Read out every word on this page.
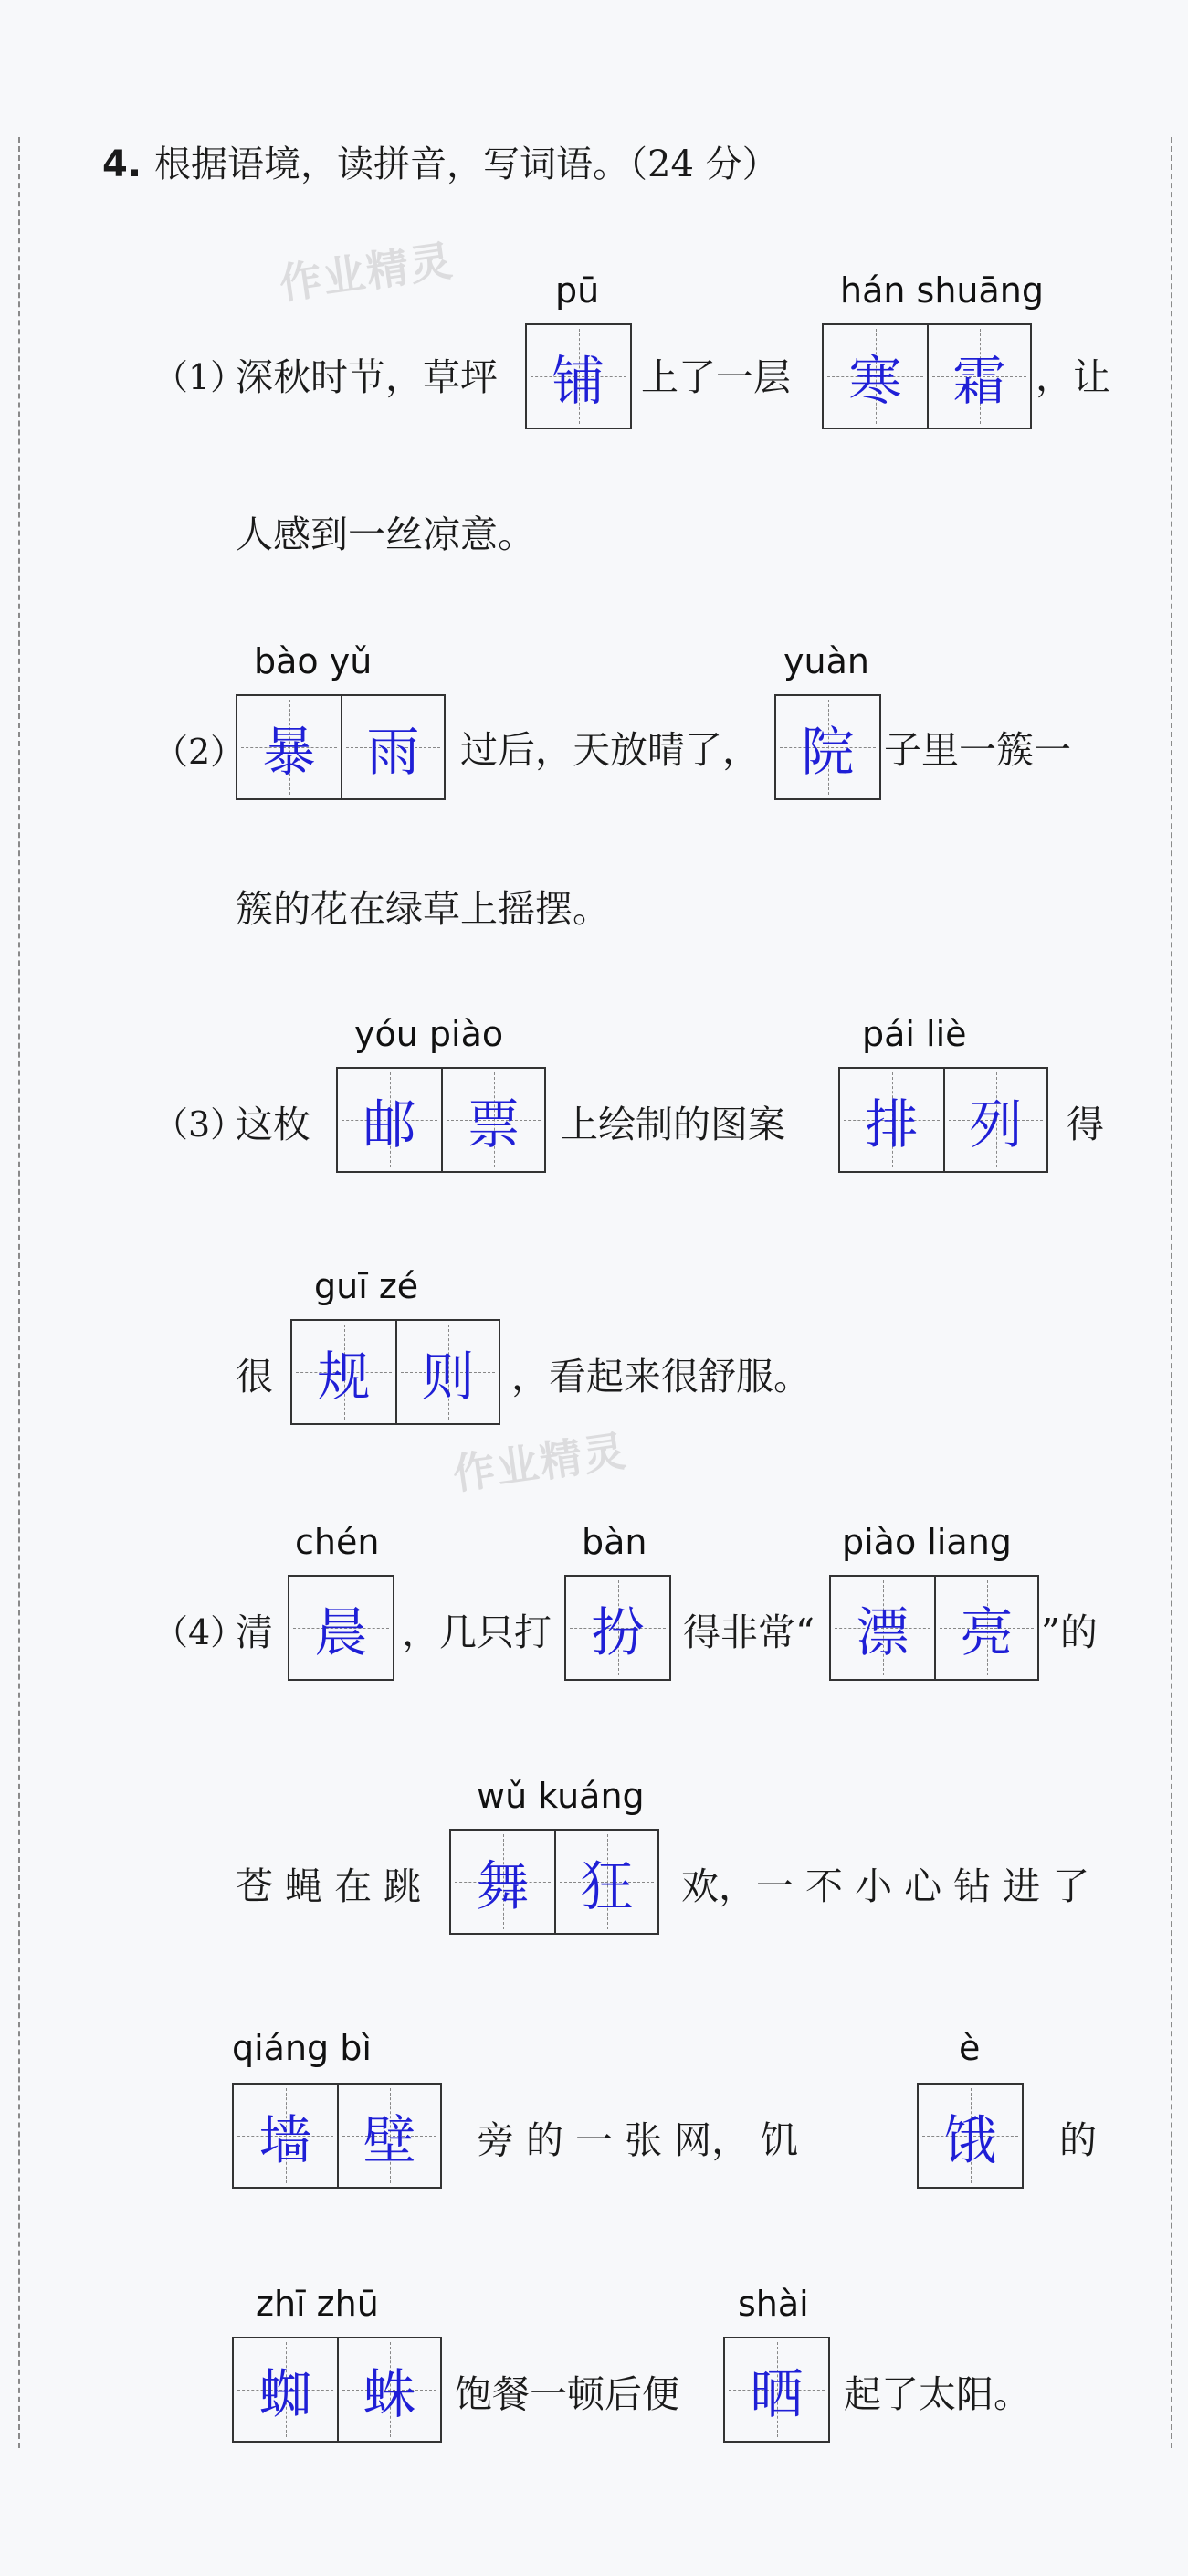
4. 根据语境，读拼音，写词语。（24 分）
作业精灵
作业精灵
（1）
深秋时节，草坪
pū
铺 上了一层
hán shuāng
寒 霜 ，让
人感到一丝凉意。
（2）
bào yǔ
暴 雨 过后，天放晴了，
yuàn
院 子里一簇一
簇的花在绿草上摇摆。
（3）
这枚
yóu piào
邮 票 上绘制的图案
pái liè
排 列 得
很
guī zé
规 则 ，看起来很舒服。
（4）
清
chén
晨 ，几只打
bàn
扮 得非常“
piào liang
漂 亮 ”的
苍 蝇 在 跳
wǔ kuáng
舞 狂 欢，一 不 小 心 钻 进 了
qiáng bì
墙 壁 旁 的 一 张 网， 饥
è
饿 的
zhī zhū
蜘 蛛 饱餐一顿后便
shài
晒 起了太阳。
